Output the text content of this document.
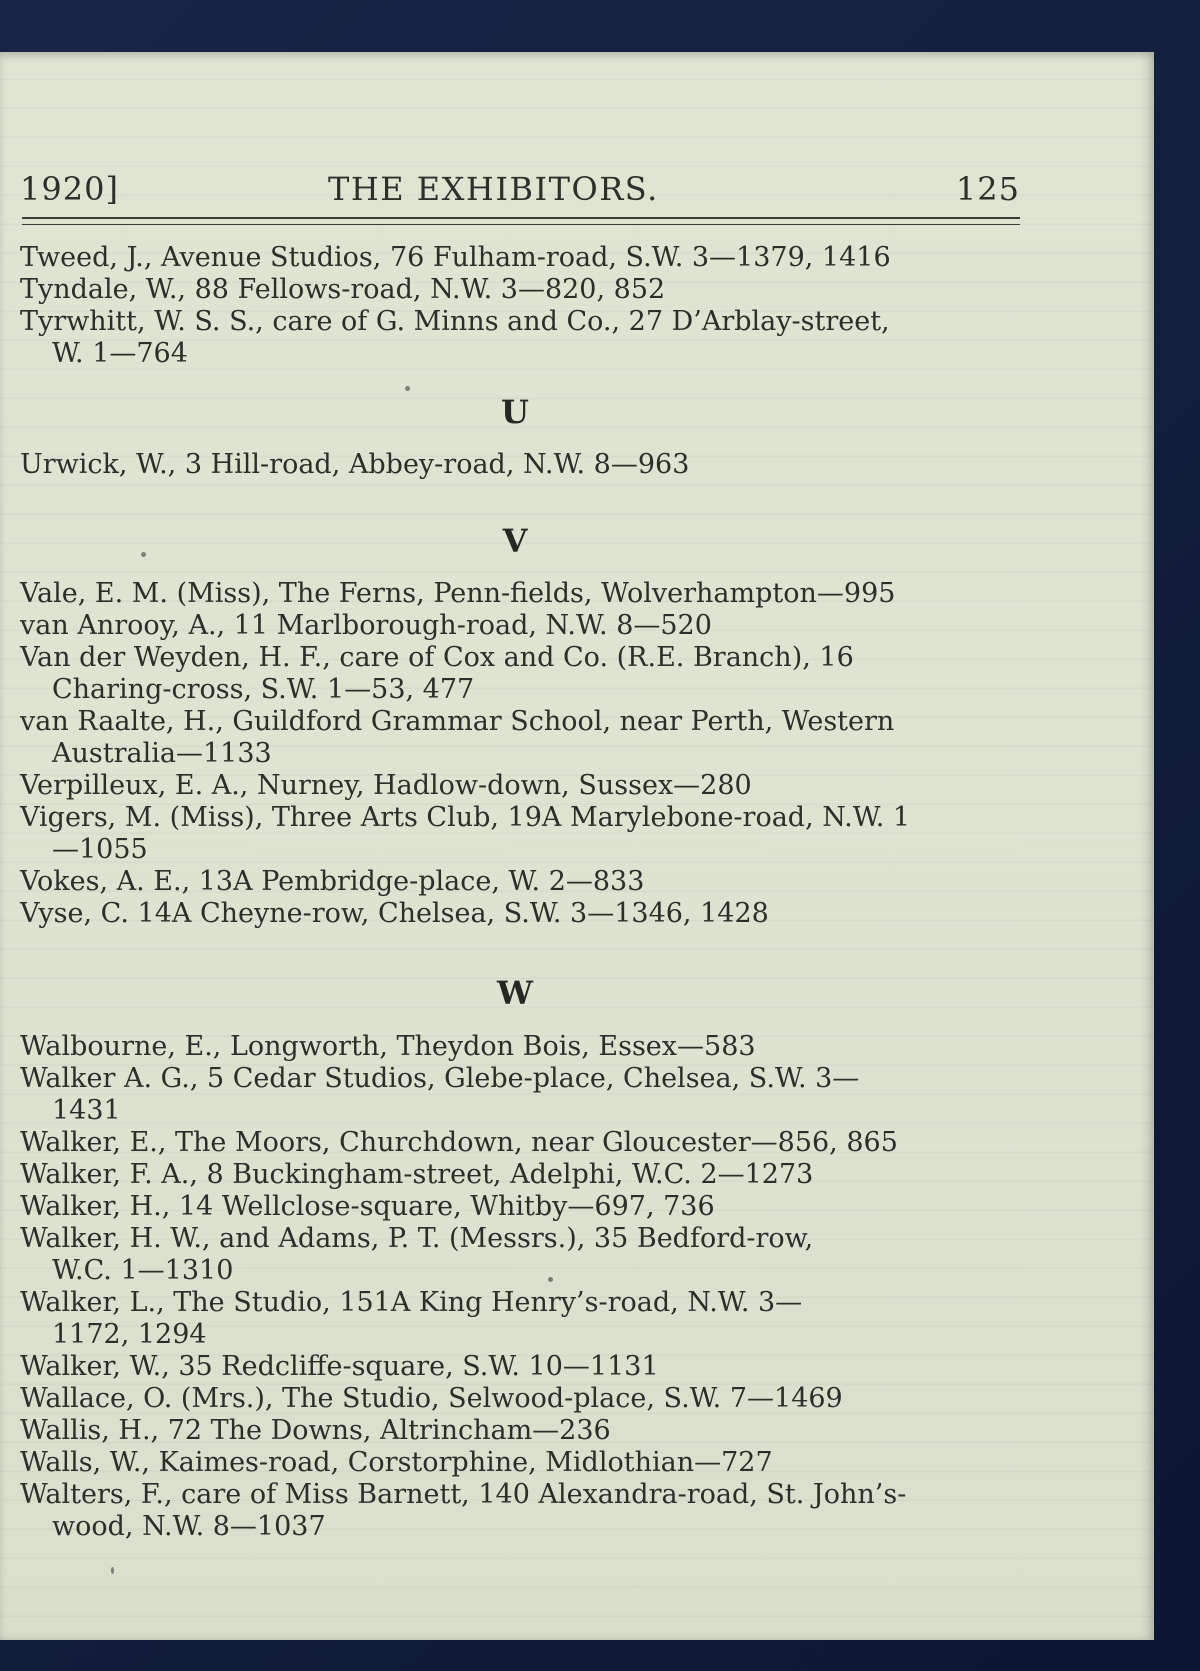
1920]	THE EXHIBITORS.	125
Tweed, J., Avenue Studios, 76 Fulham-road, S.W. 3—1379, 1416
Tyndale, W., 88 Fellows-road, N.W. 3—820, 852
Tyrwhitt, W. S. S., care of G. Minns and Co., 27 D’Arblay-street,
W. 1—764
U
Urwick, W., 3 Hill-road, Abbey-road, N.W. 8—963
V
Vale, E. M. (Miss), The Ferns, Penn-fields, Wolverhampton—995
van Anrooy, A., 11 Marlborough-road, N.W. 8—520
Van der Weyden, H. F., care of Cox and Co. (R.E. Branch), 16
Charing-cross, S.W. 1—53, 477
van Raalte, H., Guildford Grammar School, near Perth, Western
Australia—1133
Verpilleux, E. A., Nurney, Hadlow-down, Sussex—280
Vigers, M. (Miss), Three Arts Club, 19A Marylebone-road, N.W. 1
—1055
Vokes, A. E., 13A Pembridge-place, W. 2—833
Vyse, C. 14A Cheyne-row, Chelsea, S.W. 3—1346, 1428
W
Walbourne, E., Longworth, Theydon Bois, Essex—583
Walker A. G., 5 Cedar Studios, Glebe-place, Chelsea, S.W. 3—
1431
Walker, E., The Moors, Churchdown, near Gloucester—856, 865
Walker, F. A., 8 Buckingham-street, Adelphi, W.C. 2—1273
Walker, H., 14 Wellclose-square, Whitby—697, 736
Walker, H. W., and Adams, P. T. (Messrs.), 35 Bedford-row,
W.C. 1—1310
Walker, L., The Studio, 151A King Henry’s-road, N.W. 3—
1172, 1294
Walker, W., 35 Redcliffe-square, S.W. 10—1131
Wallace, O. (Mrs.), The Studio, Selwood-place, S.W. 7—1469
Wallis, H., 72 The Downs, Altrincham—236
Walls, W., Kaimes-road, Corstorphine, Midlothian—727
Walters, F., care of Miss Barnett, 140 Alexandra-road, St. John’s-
wood, N.W. 8—1037
